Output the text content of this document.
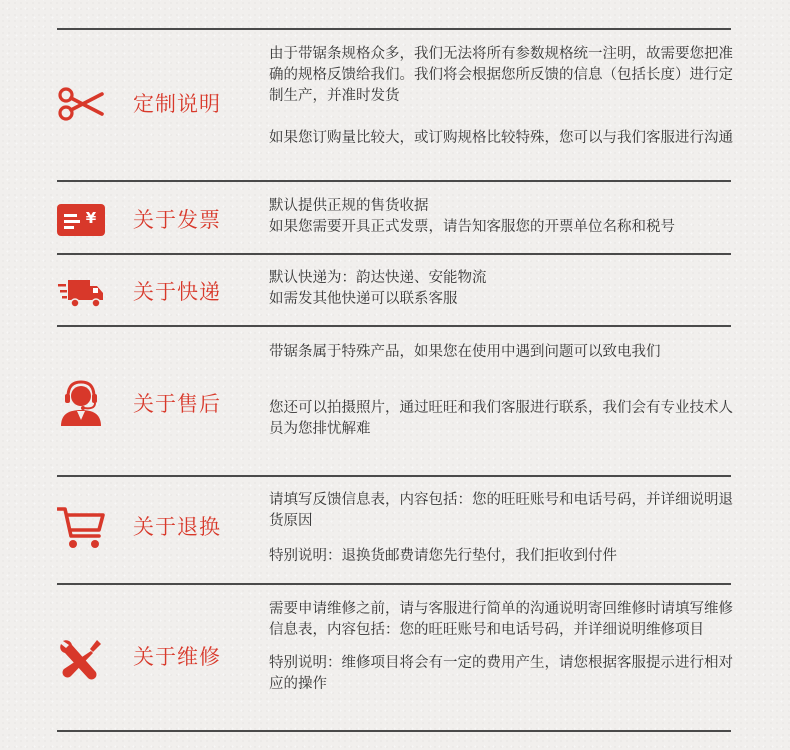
定制说明

由于带锯条规格众多，我们无法将所有参数规格统一注明，故需要您把准确的规格反馈给我们。我们将会根据您所反馈的信息（包括长度）进行定制生产，并准时发货

如果您订购量比较大，或订购规格比较特殊，您可以与我们客服进行沟通

¥ 关于发票

默认提供正规的售货收据

如果您需要开具正式发票，请告知客服您的开票单位名称和税号

关于快递

默认快递为：韵达快递、安能物流

如需发其他快递可以联系客服

关于售后

带锯条属于特殊产品，如果您在使用中遇到问题可以致电我们

您还可以拍摄照片，通过旺旺和我们客服进行联系，我们会有专业技术人员为您排忧解难

关于退换

请填写反馈信息表，内容包括：您的旺旺账号和电话号码，并详细说明退货原因

特别说明：退换货邮费请您先行垫付，我们拒收到付件

关于维修

需要申请维修之前，请与客服进行简单的沟通说明寄回维修时请填写维修信息表，内容包括：您的旺旺账号和电话号码，并详细说明维修项目

特别说明：维修项目将会有一定的费用产生，请您根据客服提示进行相对应的操作
